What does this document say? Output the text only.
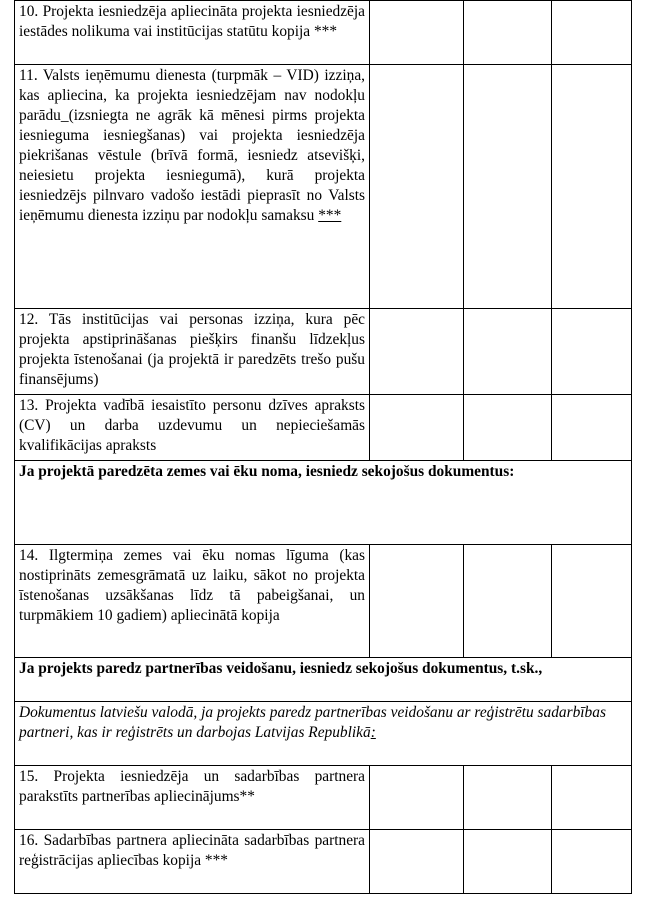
10. Projekta iesniedzēja apliecināta projekta iesniedzēja iestādes nolikuma vai institūcijas statūtu kopija ***			
11. Valsts ieņēmumu dienesta (turpmāk – VID) izziņa, kas apliecina, ka projekta iesniedzējam nav nodokļu parādu_(izsniegta ne agrāk kā mēnesi pirms projekta iesnieguma iesniegšanas) vai projekta iesniedzēja piekrišanas vēstule (brīvā formā, iesniedz atsevišķi, neiesietu projekta iesniegumā), kurā projekta iesniedzējs pilnvaro vadošo iestādi pieprasīt no Valsts ieņēmumu dienesta izziņu par nodokļu samaksu ***			
12. Tās institūcijas vai personas izziņa, kura pēc projekta apstiprināšanas piešķirs finanšu līdzekļus projekta īstenošanai (ja projektā ir paredzēts trešo pušu finansējums)			
13. Projekta vadībā iesaistīto personu dzīves apraksts (CV) un darba uzdevumu un nepieciešamās kvalifikācijas apraksts			
Ja projektā paredzēta zemes vai ēku noma, iesniedz sekojošus dokumentus:			
14. Ilgtermiņa zemes vai ēku nomas līguma (kas nostiprināts zemesgrāmatā uz laiku, sākot no projekta īstenošanas uzsākšanas līdz tā pabeigšanai, un turpmākiem 10 gadiem) apliecinātā kopija			
Ja projekts paredz partnerības veidošanu, iesniedz sekojošus dokumentus, t.sk.,			
Dokumentus latviešu valodā, ja projekts paredz partnerības veidošanu ar reģistrētu sadarbības partneri, kas ir reģistrēts un darbojas Latvijas Republikā:			
15. Projekta iesniedzēja un sadarbības partnera parakstīts partnerības apliecinājums**			
16. Sadarbības partnera apliecināta sadarbības partnera reģistrācijas apliecības kopija ***			
